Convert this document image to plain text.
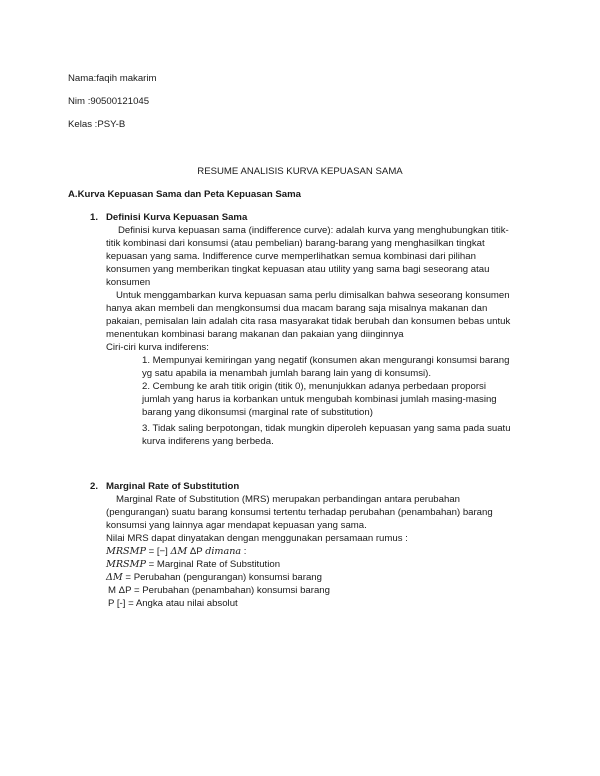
Nama:faqih makarim
Nim :90500121045
Kelas :PSY-B
RESUME ANALISIS KURVA KEPUASAN SAMA
A.Kurva Kepuasan Sama dan Peta Kepuasan Sama
1. Definisi Kurva Kepuasan Sama
Definisi kurva kepuasan sama (indifference curve): adalah kurva yang menghubungkan titik-
titik kombinasi dari konsumsi (atau pembelian) barang-barang yang menghasilkan tingkat
kepuasan yang sama. Indifference curve memperlihatkan semua kombinasi dari pilihan
konsumen yang memberikan tingkat kepuasan atau utility yang sama bagi seseorang atau
konsumen
Untuk menggambarkan kurva kepuasan sama perlu dimisalkan bahwa seseorang konsumen
hanya akan membeli dan mengkonsumsi dua macam barang saja misalnya makanan dan
pakaian, pemisalan lain adalah cita rasa masyarakat tidak berubah dan konsumen bebas untuk
menentukan kombinasi barang makanan dan pakaian yang diinginnya
Ciri-ciri kurva indiferens:
1. Mempunyai kemiringan yang negatif (konsumen akan mengurangi konsumsi barang
yg satu apabila ia menambah jumlah barang lain yang di konsumsi).
2. Cembung ke arah titik origin (titik 0), menunjukkan adanya perbedaan proporsi
jumlah yang harus ia korbankan untuk mengubah kombinasi jumlah masing-masing
barang yang dikonsumsi (marginal rate of substitution)
3. Tidak saling berpotongan, tidak mungkin diperoleh kepuasan yang sama pada suatu
kurva indiferens yang berbeda.
2. Marginal Rate of Substitution
Marginal Rate of Substitution (MRS) merupakan perbandingan antara perubahan
(pengurangan) suatu barang konsumsi tertentu terhadap perubahan (penambahan) barang
konsumsi yang lainnya agar mendapat kepuasan yang sama.
Nilai MRS dapat dinyatakan dengan menggunakan persamaan rumus :
MRSMP = [−] ΔM ΔP dimana :
MRSMP = Marginal Rate of Substitution
ΔM = Perubahan (pengurangan) konsumsi barang
M ΔP = Perubahan (penambahan) konsumsi barang
P [-] = Angka atau nilai absolut
